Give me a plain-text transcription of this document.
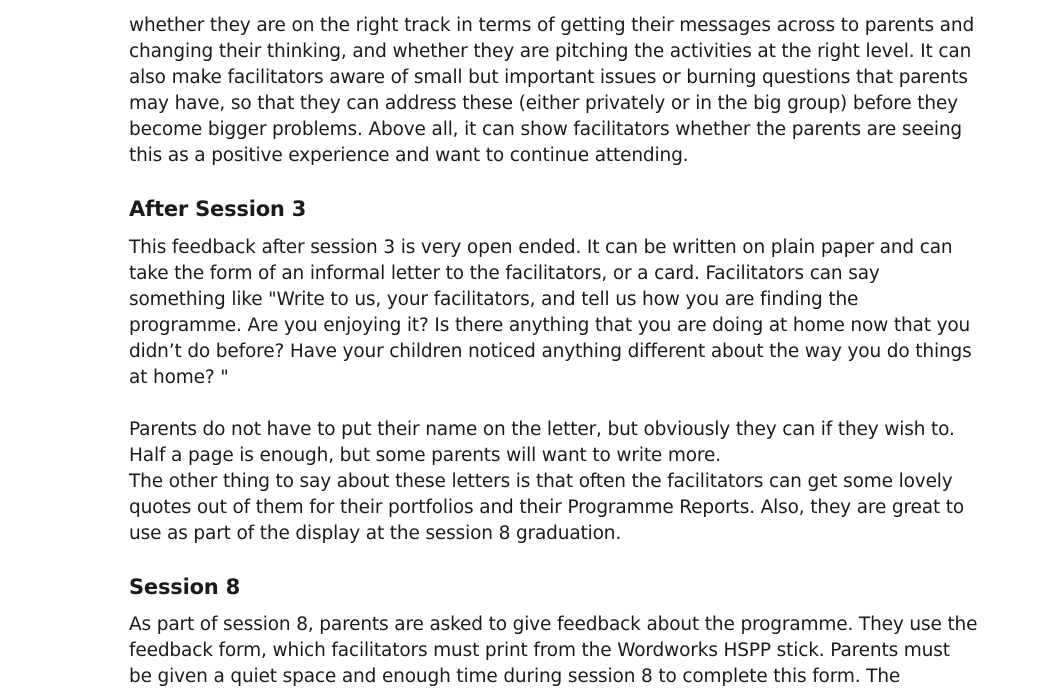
whether they are on the right track in terms of getting their messages across to parents and
changing their thinking, and whether they are pitching the activities at the right level. It can
also make facilitators aware of small but important issues or burning questions that parents
may have, so that they can address these (either privately or in the big group) before they
become bigger problems. Above all, it can show facilitators whether the parents are seeing
this as a positive experience and want to continue attending.
After Session 3
This feedback after session 3 is very open ended. It can be written on plain paper and can
take the form of an informal letter to the facilitators, or a card. Facilitators can say
something like "Write to us, your facilitators, and tell us how you are finding the
programme. Are you enjoying it? Is there anything that you are doing at home now that you
didn’t do before? Have your children noticed anything different about the way you do things
at home? "
Parents do not have to put their name on the letter, but obviously they can if they wish to.
Half a page is enough, but some parents will want to write more.
The other thing to say about these letters is that often the facilitators can get some lovely
quotes out of them for their portfolios and their Programme Reports. Also, they are great to
use as part of the display at the session 8 graduation.
Session 8
As part of session 8, parents are asked to give feedback about the programme. They use the
feedback form, which facilitators must print from the Wordworks HSPP stick. Parents must
be given a quiet space and enough time during session 8 to complete this form. The
